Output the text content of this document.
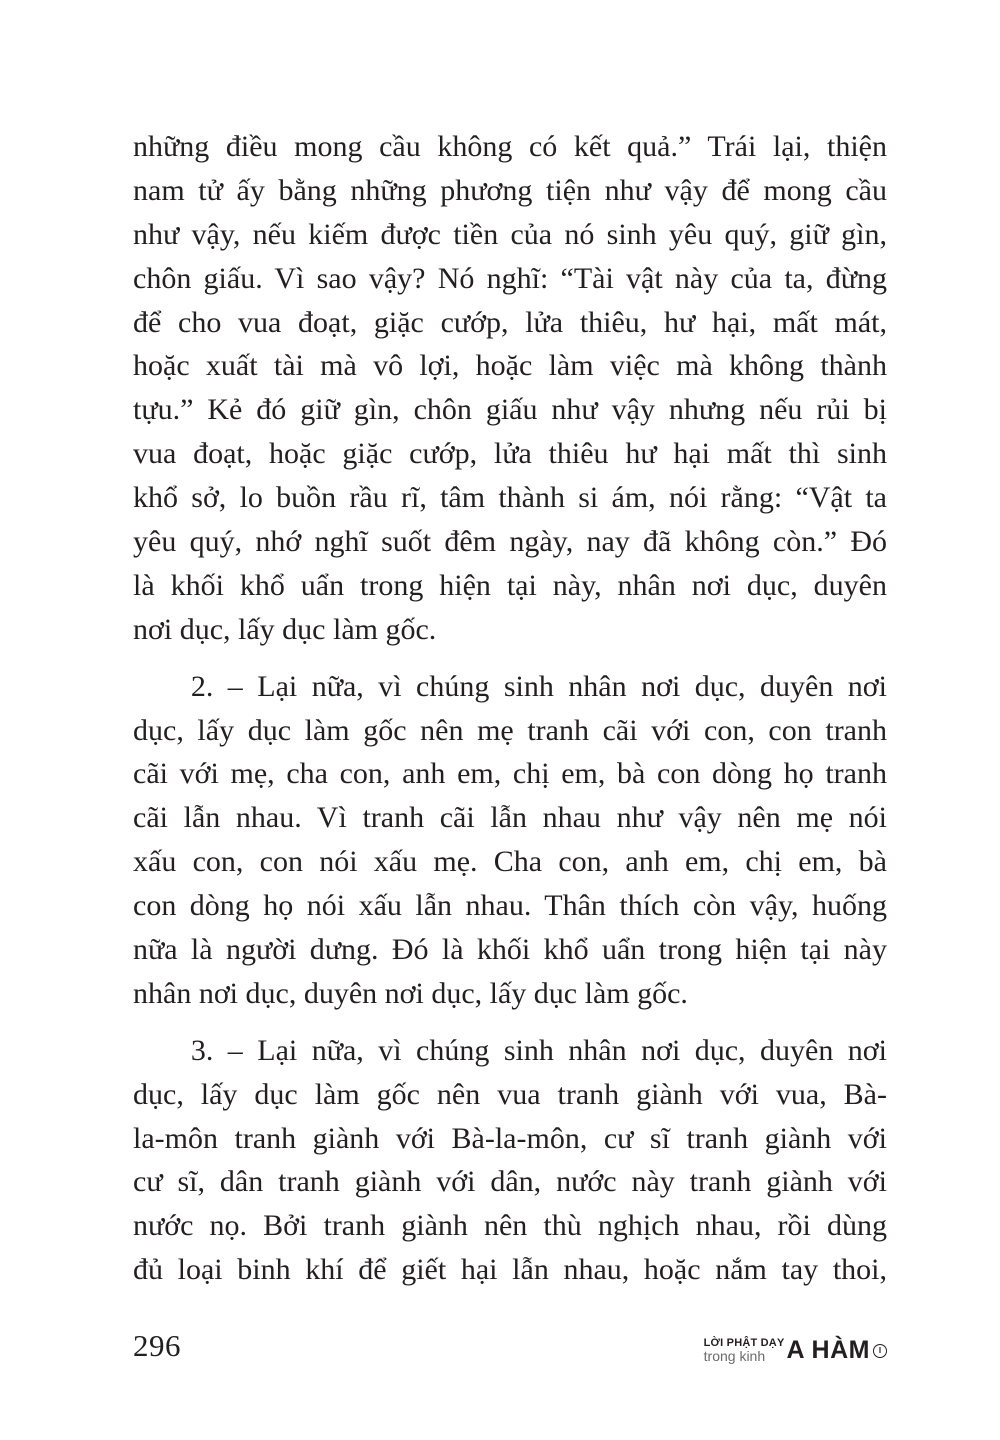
những điều mong cầu không có kết quả.” Trái lại, thiện
nam tử ấy bằng những phương tiện như vậy để mong cầu
như vậy, nếu kiếm được tiền của nó sinh yêu quý, giữ gìn,
chôn giấu. Vì sao vậy? Nó nghĩ: “Tài vật này của ta, đừng
để cho vua đoạt, giặc cướp, lửa thiêu, hư hại, mất mát,
hoặc xuất tài mà vô lợi, hoặc làm việc mà không thành
tựu.” Kẻ đó giữ gìn, chôn giấu như vậy nhưng nếu rủi bị
vua đoạt, hoặc giặc cướp, lửa thiêu hư hại mất thì sinh
khổ sở, lo buồn rầu rĩ, tâm thành si ám, nói rằng: “Vật ta
yêu quý, nhớ nghĩ suốt đêm ngày, nay đã không còn.” Đó
là khối khổ uẩn trong hiện tại này, nhân nơi dục, duyên
nơi dục, lấy dục làm gốc.
2. – Lại nữa, vì chúng sinh nhân nơi dục, duyên nơi
dục, lấy dục làm gốc nên mẹ tranh cãi với con, con tranh
cãi với mẹ, cha con, anh em, chị em, bà con dòng họ tranh
cãi lẫn nhau. Vì tranh cãi lẫn nhau như vậy nên mẹ nói
xấu con, con nói xấu mẹ. Cha con, anh em, chị em, bà
con dòng họ nói xấu lẫn nhau. Thân thích còn vậy, huống
nữa là người dưng. Đó là khối khổ uẩn trong hiện tại này
nhân nơi dục, duyên nơi dục, lấy dục làm gốc.
3. – Lại nữa, vì chúng sinh nhân nơi dục, duyên nơi
dục, lấy dục làm gốc nên vua tranh giành với vua, Bà-
la-môn tranh giành với Bà-la-môn, cư sĩ tranh giành với
cư sĩ, dân tranh giành với dân, nước này tranh giành với
nước nọ. Bởi tranh giành nên thù nghịch nhau, rồi dùng
đủ loại binh khí để giết hại lẫn nhau, hoặc nắm tay thoi,
296	LỜI PHẬT DẠY
trong kinh A HÀM	I
